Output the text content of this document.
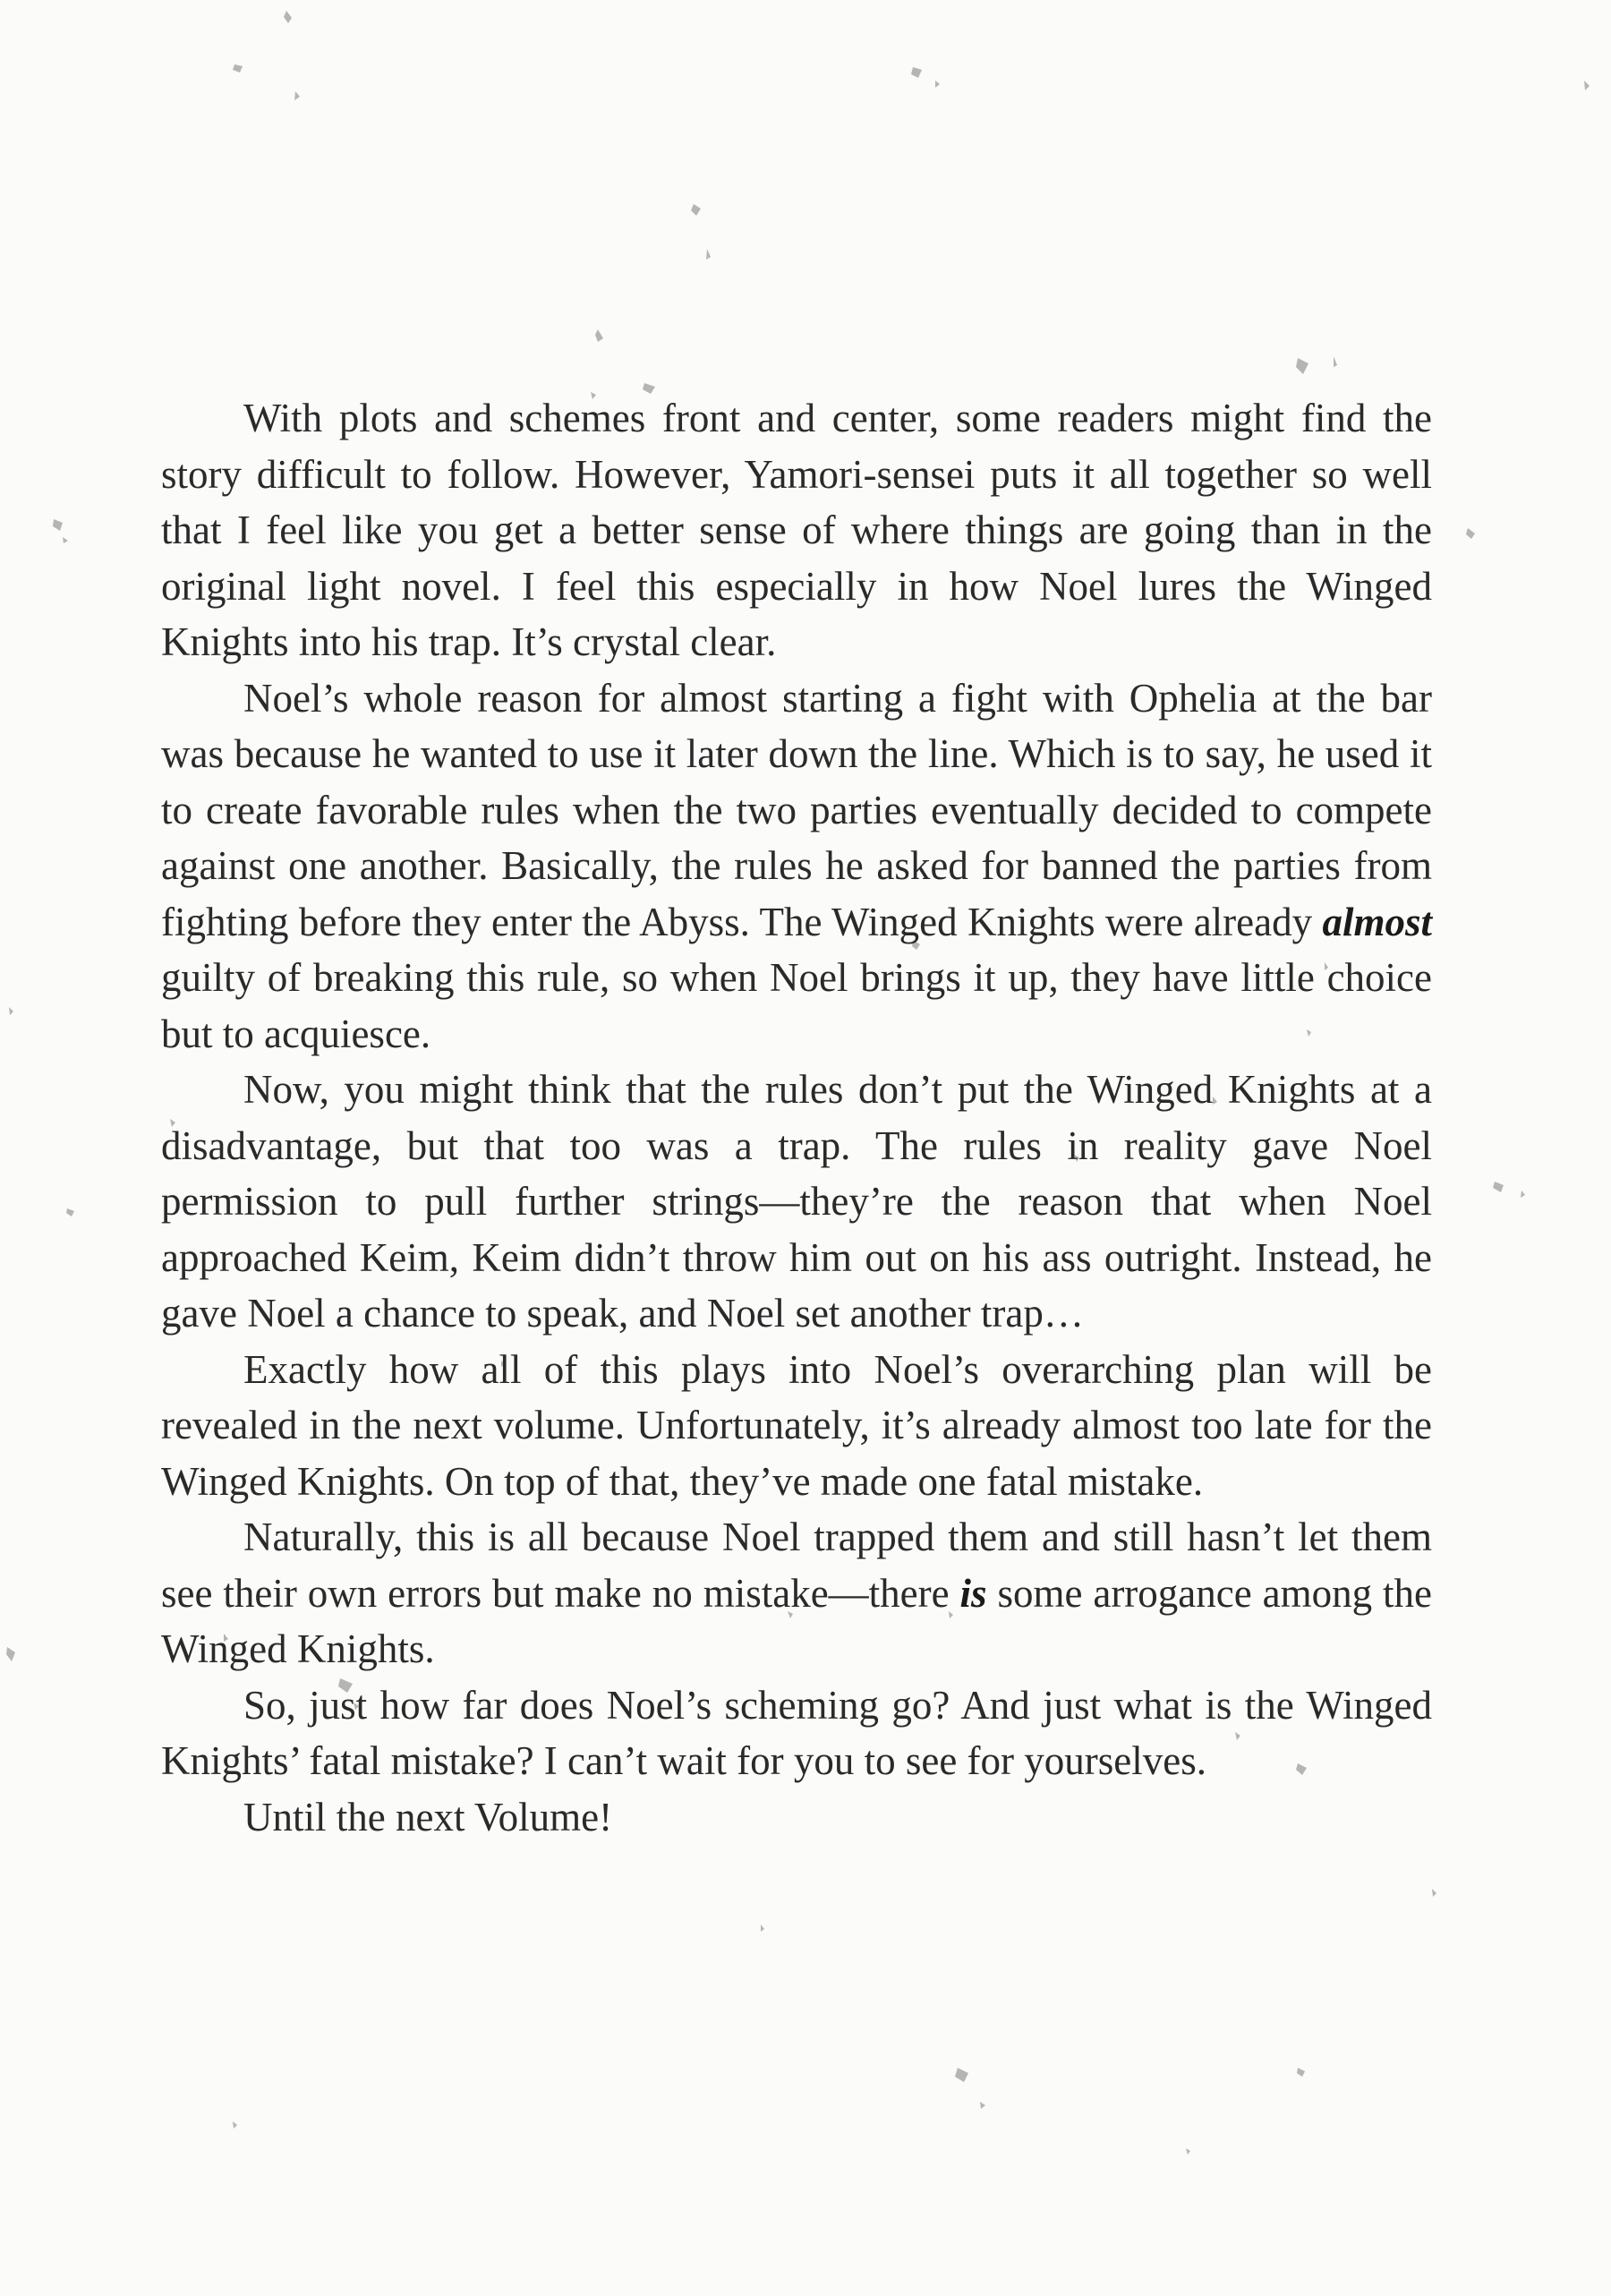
With plots and schemes front and center, some readers might find the story difficult to follow. However, Yamori-sensei puts it all together so well that I feel like you get a better sense of where things are going than in the original light novel. I feel this especially in how Noel lures the Winged Knights into his trap. It’s crystal clear.

Noel’s whole reason for almost starting a fight with Ophelia at the bar was because he wanted to use it later down the line. Which is to say, he used it to create favorable rules when the two parties eventually decided to compete against one another. Basically, the rules he asked for banned the parties from fighting before they enter the Abyss. The Winged Knights were already almost guilty of breaking this rule, so when Noel brings it up, they have little choice but to acquiesce.

Now, you might think that the rules don’t put the Winged Knights at a disadvantage, but that too was a trap. The rules in reality gave Noel permission to pull further strings—they’re the reason that when Noel approached Keim, Keim didn’t throw him out on his ass outright. Instead, he gave Noel a chance to speak, and Noel set another trap…

Exactly how all of this plays into Noel’s overarching plan will be revealed in the next volume. Unfortunately, it’s already almost too late for the Winged Knights. On top of that, they’ve made one fatal mistake.

Naturally, this is all because Noel trapped them and still hasn’t let them see their own errors but make no mistake—there is some arrogance among the Winged Knights.

So, just how far does Noel’s scheming go? And just what is the Winged Knights’ fatal mistake? I can’t wait for you to see for yourselves.

Until the next Volume!
